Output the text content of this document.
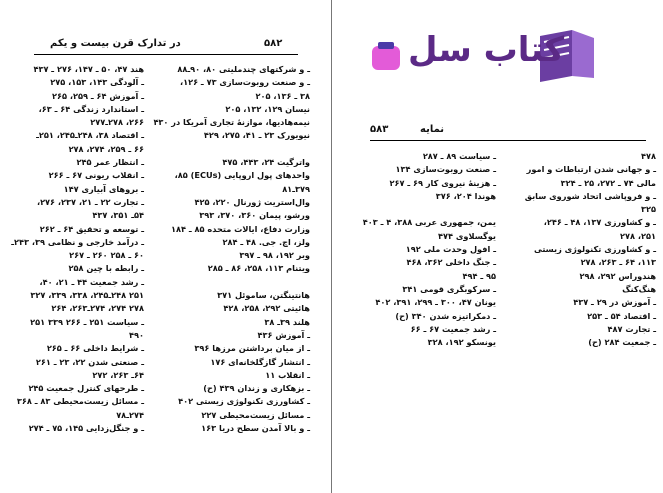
در تدارک قرن بیست و یکم	۵۸۲
ـ و شرکتهای چندملیتی ۸۰، ۹۰ـ۸۸
ـ و صنعت روبوت‌سازی ۷۳ ـ ۱۲۶،
۳۸ ـ ۱۳۶، ۲۰۵
نیسان ۱۲۹، ۱۳۲، ۲۰۵
نیمه‌هادیها، موازنهٔ تجاری آمریکا در ۴۳۰
نیویورک ۲۳ ـ ۴۱، ۲۷۵، ۴۲۹
واترگیت ۲۴، ۴۴۳، ۴۷۵
واحدهای پول اروپایی (ECUs) ۸۵،
۳۷۹ـ۸۱
وال‌استریت ژورنال ۲۲۰، ۴۲۵
ورشو، پیمان ۳۶۰، ۳۷۰، ۳۹۳
وزارت دفاع، ایالات متحده ۸۵ ـ ۱۸۴
ولز، اچ. جی. ۴۸ ـ ۲۸۴
وبر ۱۹۲، ۹۸ ـ ۳۹۷
ویتنام ۱۱۳، ۲۵۸، ۸۶ ـ ۲۸۵
هانتینگتن، ساموئل ۳۷۱
هائیتی ۲۹۲، ۲۵۸، ۴۲۸
هلند ۳۹ـ ۳۸
ـ آموزش ۴۳۶
ـ از میان برداشتن مرزها ۳۹۶
ـ انتشار گازگلخانه‌ای ۱۷۶
ـ انقلاب ۱۱
ـ بزهکاری و زندان ۴۳۹ (ح)
ـ کشاورزی تکنولوژی زیستی ۴۰۲
ـ مسائل زیست‌محیطی ۲۲۷
ـ و بالا آمدن سطح دریا ۱۶۳
هند ۴۷، ۵۰ ـ ۱۴۷، ۲۷۶ ـ ۴۳۷
ـ آلودگی ۱۴۳، ۱۵۳، ۲۷۵
ـ آموزش ۶۴ ـ ۲۵۹، ۲۶۵
ـ استاندارد زندگی ۶۴ ـ ۶۳،
۲۶۶، ۲۷۸ـ۲۷۷
ـ اقتصاد ۳۸، ۲۴۸ـ۲۴۵، ۲۵۱ـ
۶۶ ـ ۲۵۹، ۲۷۴، ۲۷۸
ـ انتظار عمر ۲۴۵
ـ انقلاب ریونی ۶۷ ـ ۲۶۶
ـ بروهای آبیاری ۱۴۷
ـ تجارت ۲۲ ـ ۲۱، ۲۳۷، ۲۷۶،
۵۴ـ ۳۵۱، ۴۳۷
ـ توسعه و تحقیق ۶۴ ـ ۲۶۲
ـ درآمد خارجی و نظامی ۳۹، ۲۴۳ـ
۶۰ ـ ۲۵۸ ۲۶۰ ـ ۲۶۷
ـ رابطه با چین ۲۵۸
ـ رشد جمعیت ۴۴ ـ ۲۱، ۴۰،
۲۵۱ ۲۴۸ـ۲۴۵، ۳۳۸، ۳۳۹، ۳۲۷
۲۷۸ ۲۷۴، ۲۷۴ـ۲۶۳، ۲۶۴
ـ سیاست ۲۵۱ ـ ۲۶۶ ۳۳۹ ۲۵۱
۴۹۰
ـ شرایط داخلی ۶۶ ـ ۲۶۵
ـ صنعتی شدن ۲۲، ۲۳ ـ ۲۶۱
۶۴ـ ۲۶۳، ۲۷۲
ـ طرحهای کنترل جمعیت ۲۴۵
ـ مسائل زیست‌محیطی ۸۳ ـ ۳۶۸
۲۷۴ـ۷۸
ـ و جنگل‌زدایی ۱۴۵، ۷۵ ـ ۲۷۴
کتاب سل
نمایه
۵۸۳
۴۷۸
ـ و جهانی شدن ارتباطات و امور
مالی ۷۴ ـ ۲۷۲، ۲۵ ـ ۳۲۴
ـ و فروپاشی اتحاد شوروی سابق
۳۲۵
ـ و کشاورزی ۱۳۷، ۴۸ ـ ۲۴۶،
۲۵۱، ۲۷۸
ـ و کشاورزی تکنولوژی زیستی
۱۱۳، ۶۴ ـ ۲۶۳، ۲۷۸
هندوراس ۲۹۲، ۲۹۸
هنگ‌کنگ
ـ آموزش در ۲۹ ـ ۴۳۷
ـ اقتصاد ۵۴ ـ ۲۵۳
ـ تجارت ۴۸۷
ـ جمعیت ۲۸۴ (ح)
ـ سیاست ۸۹ ـ ۲۸۷
ـ صنعت روبوت‌سازی ۱۳۴
ـ هزینهٔ نیروی کار ۶۹ ـ ۲۶۷
هوندا ۲۰۴، ۳۷۶
یمن، جمهوری عربی ۳۸۸، ۴ ـ ۴۰۳
یوگسلاوی ۴۷۴
ـ افول وحدت ملی ۱۹۲
ـ جنگ داخلی ۳۶۲، ۴۶۸
۹۵ ـ ۴۹۴
ـ سرکوبگری قومی ۳۴۱
یونان ۴۷، ۳۰۰ ـ ۲۹۹، ۳۹۱، ۴۰۲
ـ دمکراتیزه شدن ۳۴۰ (ح)
ـ رشد جمعیت ۶۷ ـ ۶۶
یونسکو ۱۹۲، ۳۲۸
